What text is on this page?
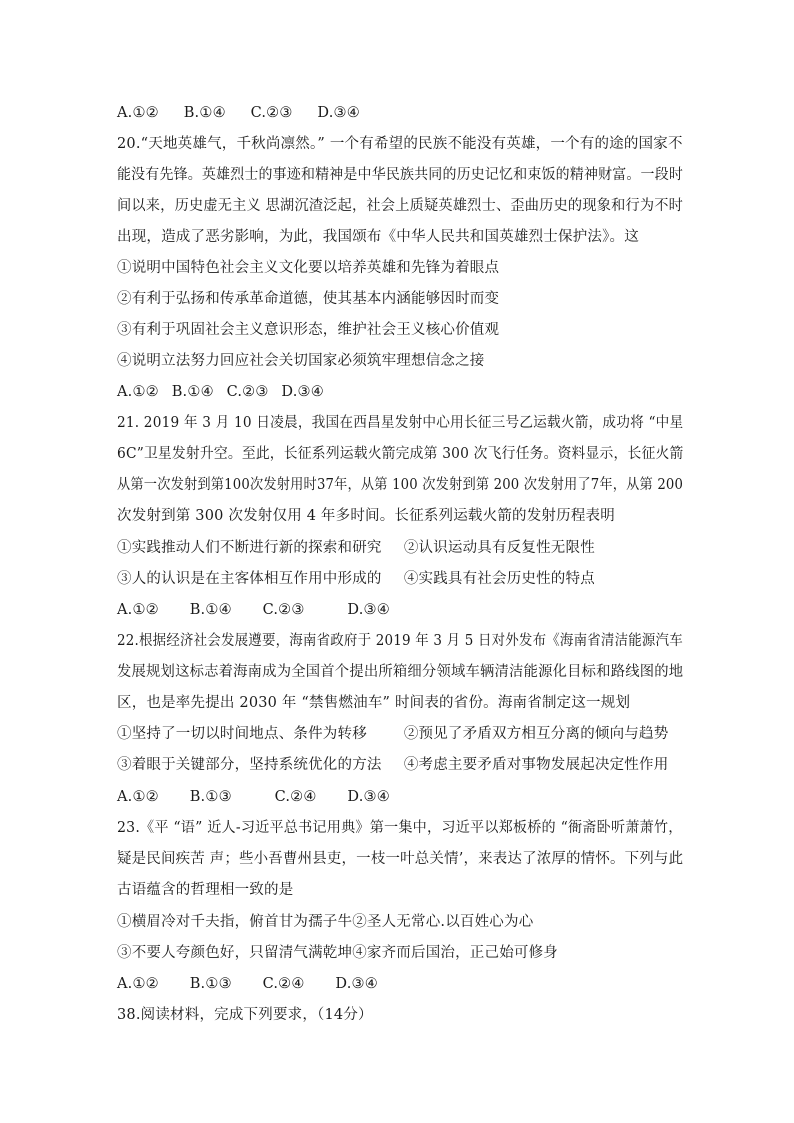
A.①② B.①④ C.②③ D.③④
20.“天地英雄气，千秋尚凛然。” 一个有希望的民族不能没有英雄，一个有的途的国家不
能没有先锋。英雄烈士的事迹和精神是中华民族共同的历史记忆和束饭的精神财富。一段时
间以来，历史虚无主义 思湖沉渣泛起，社会上质疑英雄烈士、歪曲历史的现象和行为不时
出现，造成了恶劣影响，为此，我国颂布《中华人民共和国英雄烈士保护法》。这
①说明中国特色社会主义文化要以培养英雄和先锋为着眼点
②有利于弘扬和传承革命道德，使其基本内涵能够因时而变
③有利于巩固社会主义意识形态，维护社会王义核心价值观
④说明立法努力回应社会关切国家必须筑牢理想信念之接
A.①② B.①④ C.②③ D.③④
21. 2019 年 3 月 10 日凌晨，我国在西昌星发射中心用长征三号乙运载火箭，成功将 “中星
6C”卫星发射升空。至此，长征系列运载火箭完成第 300 次飞行任务。资料显示，长征火箭
从第一次发射到第100次发射用时37年，从第 100 次发射到第 200 次发射用了7年，从第 200
次发射到第 300 次发射仅用 4 年多时间。长征系列运载火箭的发射历程表明
①实践推动人们不断进行新的探索和研究 ②认识运动具有反复性无限性
③人的认识是在主客体相互作用中形成的 ④实践具有社会历史性的特点
A.①② B.①④ C.②③	D.③④
22.根据经济社会发展遵要，海南省政府于 2019 年 3 月 5 日对外发布《海南省清洁能源汽车
发展规划这标志着海南成为全国首个提出所箱细分领域车辆清洁能源化目标和路线图的地
区，也是率先提出 2030 年 “禁售燃油车” 时间表的省份。海南省制定这一规划
①坚持了一切以时间地点、条件为转移	②预见了矛盾双方相互分离的倾向与趋势
③着眼于关键部分，坚持系统优化的方法 ④考虑主要矛盾对事物发展起决定性作用
A.①② B.①③	C.②④ D.③④
23.《平 “语” 近人-习近平总书记用典》第一集中，习近平以郑板桥的 “衙斋卧听萧萧竹，
疑是民间疾苦 声；些小吾曹州县吏，一枝一叶总关情’，来表达了浓厚的情怀。下列与此
古语蕴含的哲理相一致的是
①横眉冷对千夫指，俯首甘为孺子牛②圣人无常心.以百姓心为心
③不要人夸颜色好，只留清气满乾坤④家齐而后国治，正己始可修身
A.①② B.①③ C.②④ D.③④
38.阅读材料，完成下列要求，（14分）
